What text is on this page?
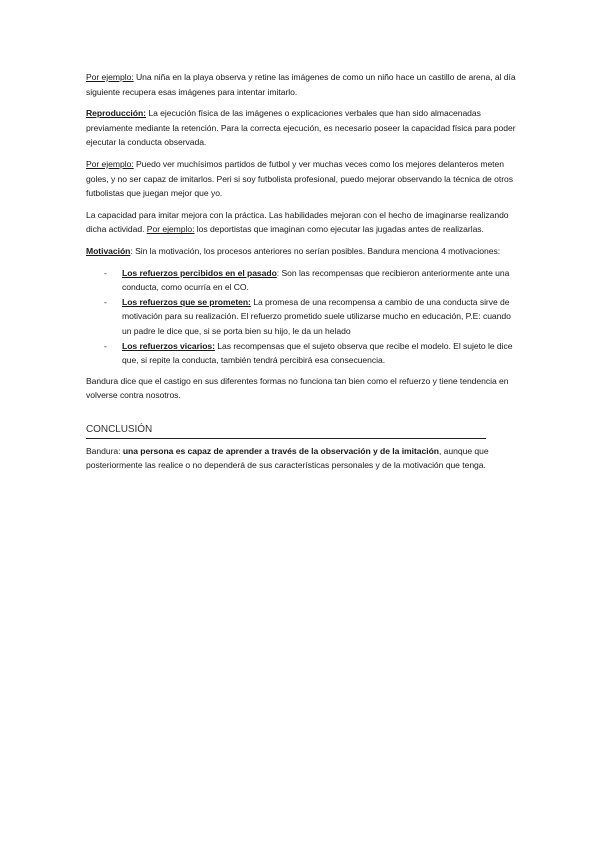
Por ejemplo: Una niña en la playa observa y retine las imágenes de como un niño hace un castillo de arena, al día siguiente recupera esas imágenes para intentar imitarlo.

Reproducción: La ejecución física de las imágenes o explicaciones verbales que han sido almacenadas previamente mediante la retención. Para la correcta ejecución, es necesario poseer la capacidad física para poder ejecutar la conducta observada.

Por ejemplo: Puedo ver muchísimos partidos de futbol y ver muchas veces como los mejores delanteros meten goles, y no ser capaz de imitarlos. Peri si soy futbolista profesional, puedo mejorar observando la técnica de otros futbolistas que juegan mejor que yo.

La capacidad para imitar mejora con la práctica. Las habilidades mejoran con el hecho de imaginarse realizando dicha actividad. Por ejemplo: los deportistas que imaginan como ejecutar las jugadas antes de realizarlas.

Motivación: Sin la motivación, los procesos anteriores no serían posibles. Bandura menciona 4 motivaciones:

- Los refuerzos percibidos en el pasado: Son las recompensas que recibieron anteriormente ante una conducta, como ocurría en el CO.
- Los refuerzos que se prometen: La promesa de una recompensa a cambio de una conducta sirve de motivación para su realización. El refuerzo prometido suele utilizarse mucho en educación, P.E: cuando un padre le dice que, si se porta bien su hijo, le da un helado
- Los refuerzos vicarios: Las recompensas que el sujeto observa que recibe el modelo. El sujeto le dice que, si repite la conducta, también tendrá percibirá esa consecuencia.

Bandura dice que el castigo en sus diferentes formas no funciona tan bien como el refuerzo y tiene tendencia en volverse contra nosotros.

CONCLUSIÓN

Bandura: una persona es capaz de aprender a través de la observación y de la imitación, aunque que posteriormente las realice o no dependerá de sus características personales y de la motivación que tenga.
